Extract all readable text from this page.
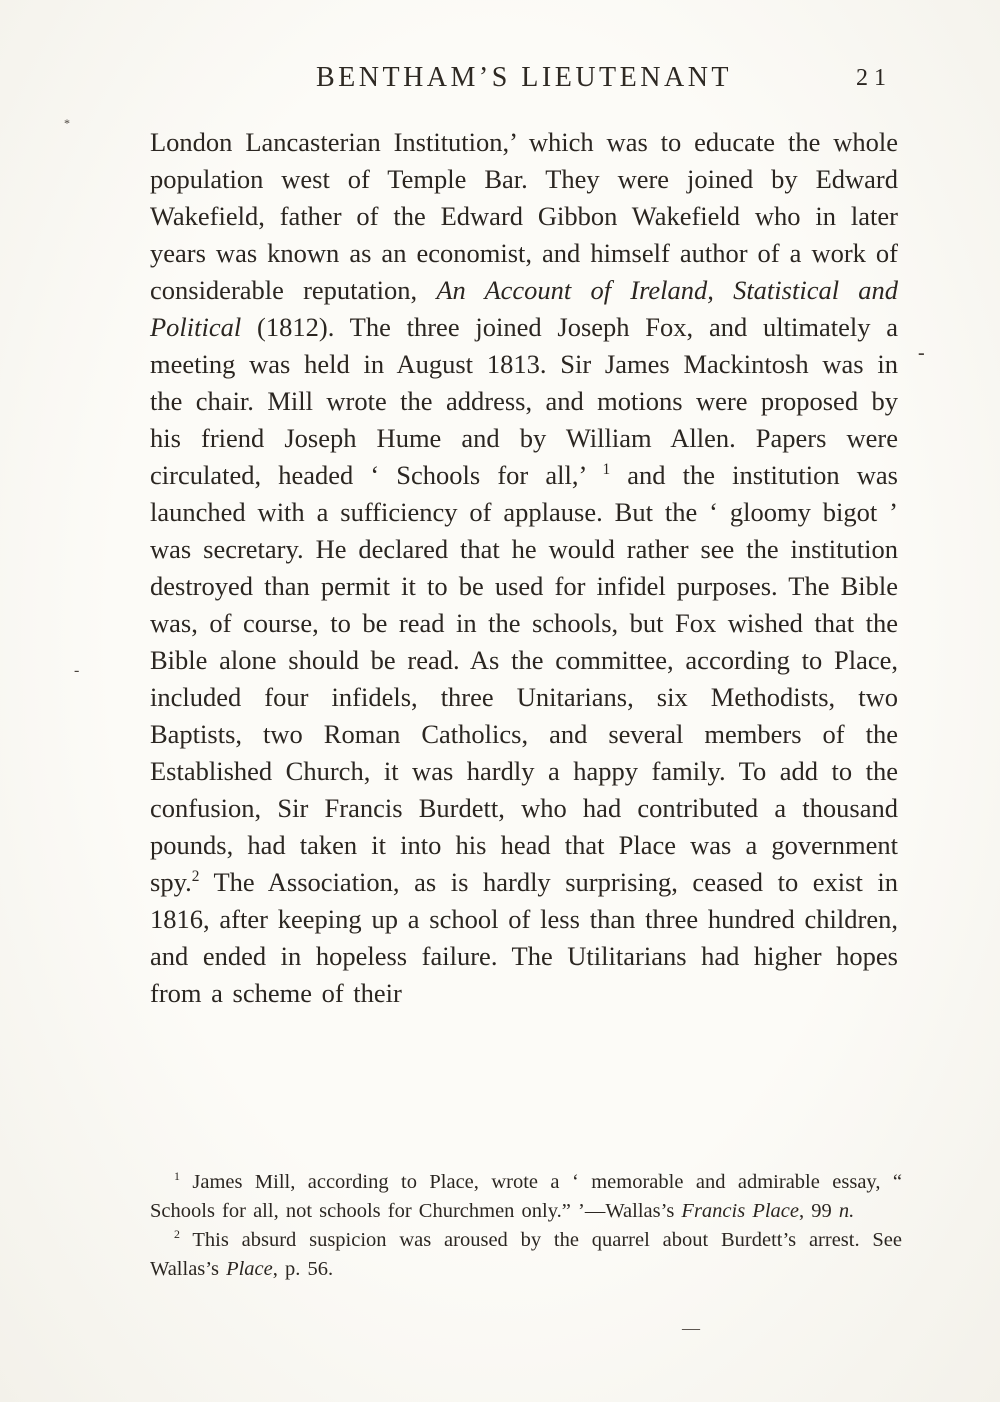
BENTHAM’S LIEUTENANT	21

London Lancasterian Institution,’ which was to educate the whole population west of Temple Bar. They were joined by Edward Wakefield, father of the Edward Gibbon Wakefield who in later years was known as an economist, and himself author of a work of considerable reputation, An Account of Ireland, Statistical and Political (1812). The three joined Joseph Fox, and ultimately a meeting was held in August 1813. Sir James Mackintosh was in the chair. Mill wrote the address, and motions were proposed by his friend Joseph Hume and by William Allen. Papers were circulated, headed ‘ Schools for all,’ $^1$ and the institution was launched with a sufficiency of applause. But the ‘ gloomy bigot ’ was secretary. He declared that he would rather see the institution destroyed than permit it to be used for infidel purposes. The Bible was, of course, to be read in the schools, but Fox wished that the Bible alone should be read. As the committee, according to Place, included four infidels, three Unitarians, six Methodists, two Baptists, two Roman Catholics, and several members of the Established Church, it was hardly a happy family. To add to the confusion, Sir Francis Burdett, who had contributed a thousand pounds, had taken it into his head that Place was a government spy.$^2$ The Association, as is hardly surprising, ceased to exist in 1816, after keeping up a school of less than three hundred children, and ended in hopeless failure. The Utilitarians had higher hopes from a scheme of their

$^1$ James Mill, according to Place, wrote a ‘ memorable and admirable essay, “ Schools for all, not schools for Churchmen only.” ’—Wallas’s Francis Place, 99 n.

$^2$ This absurd suspicion was aroused by the quarrel about Burdett’s arrest. See Wallas’s Place, p. 56.

*
-
-
—
